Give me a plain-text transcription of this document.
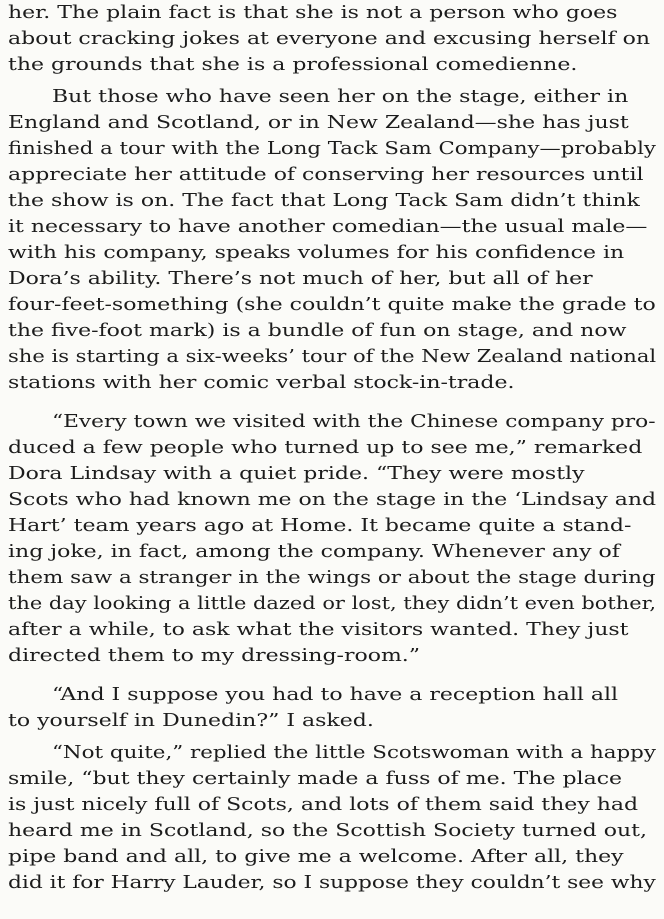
her. The plain fact is that she is not a person who goes
about cracking jokes at everyone and excusing herself on
the grounds that she is a professional comedienne.
But those who have seen her on the stage, either in
England and Scotland, or in New Zealand—she has just
finished a tour with the Long Tack Sam Company—probably
appreciate her attitude of conserving her resources until
the show is on. The fact that Long Tack Sam didn’t think
it necessary to have another comedian—the usual male—
with his company, speaks volumes for his confidence in
Dora’s ability. There’s not much of her, but all of her
four-feet-something (she couldn’t quite make the grade to
the five-foot mark) is a bundle of fun on stage, and now
she is starting a six-weeks’ tour of the New Zealand national
stations with her comic verbal stock-in-trade.
“Every town we visited with the Chinese company pro-
duced a few people who turned up to see me,” remarked
Dora Lindsay with a quiet pride. “They were mostly
Scots who had known me on the stage in the ‘Lindsay and
Hart’ team years ago at Home. It became quite a stand-
ing joke, in fact, among the company. Whenever any of
them saw a stranger in the wings or about the stage during
the day looking a little dazed or lost, they didn’t even bother,
after a while, to ask what the visitors wanted. They just
directed them to my dressing-room.”
“And I suppose you had to have a reception hall all
to yourself in Dunedin?” I asked.
“Not quite,” replied the little Scotswoman with a happy
smile, “but they certainly made a fuss of me. The place
is just nicely full of Scots, and lots of them said they had
heard me in Scotland, so the Scottish Society turned out,
pipe band and all, to give me a welcome. After all, they
did it for Harry Lauder, so I suppose they couldn’t see why
